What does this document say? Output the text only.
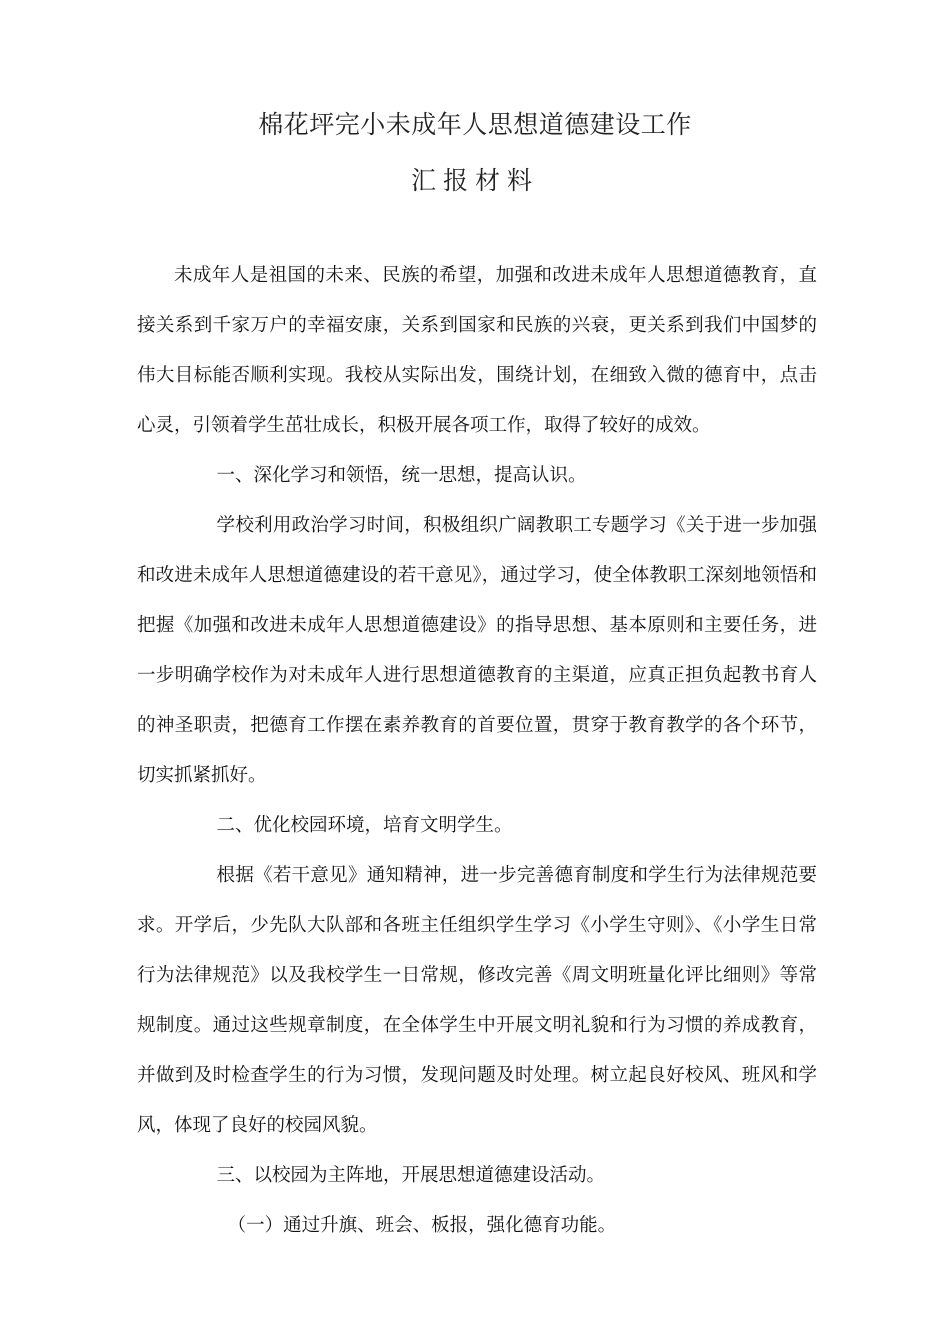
棉花坪完小未成年人思想道德建设工作
汇报材料

未成年人是祖国的未来、民族的希望，加强和改进未成年人思想道德教育，直接关系到千家万户的幸福安康，关系到国家和民族的兴衰，更关系到我们中国梦的伟大目标能否顺利实现。我校从实际出发，围绕计划，在细致入微的德育中，点击心灵，引领着学生茁壮成长，积极开展各项工作，取得了较好的成效。

一、深化学习和领悟，统一思想，提高认识。

学校利用政治学习时间，积极组织广阔教职工专题学习《关于进一步加强和改进未成年人思想道德建设的若干意见》，通过学习，使全体教职工深刻地领悟和把握《加强和改进未成年人思想道德建设》的指导思想、基本原则和主要任务，进一步明确学校作为对未成年人进行思想道德教育的主渠道，应真正担负起教书育人的神圣职责，把德育工作摆在素养教育的首要位置，贯穿于教育教学的各个环节，切实抓紧抓好。

二、优化校园环境，培育文明学生。

根据《若干意见》通知精神，进一步完善德育制度和学生行为法律规范要求。开学后，少先队大队部和各班主任组织学生学习《小学生守则》、《小学生日常行为法律规范》以及我校学生一日常规，修改完善《周文明班量化评比细则》等常规制度。通过这些规章制度，在全体学生中开展文明礼貌和行为习惯的养成教育，并做到及时检查学生的行为习惯，发现问题及时处理。树立起良好校风、班风和学风，体现了良好的校园风貌。

三、以校园为主阵地，开展思想道德建设活动。

（一）通过升旗、班会、板报，强化德育功能。
